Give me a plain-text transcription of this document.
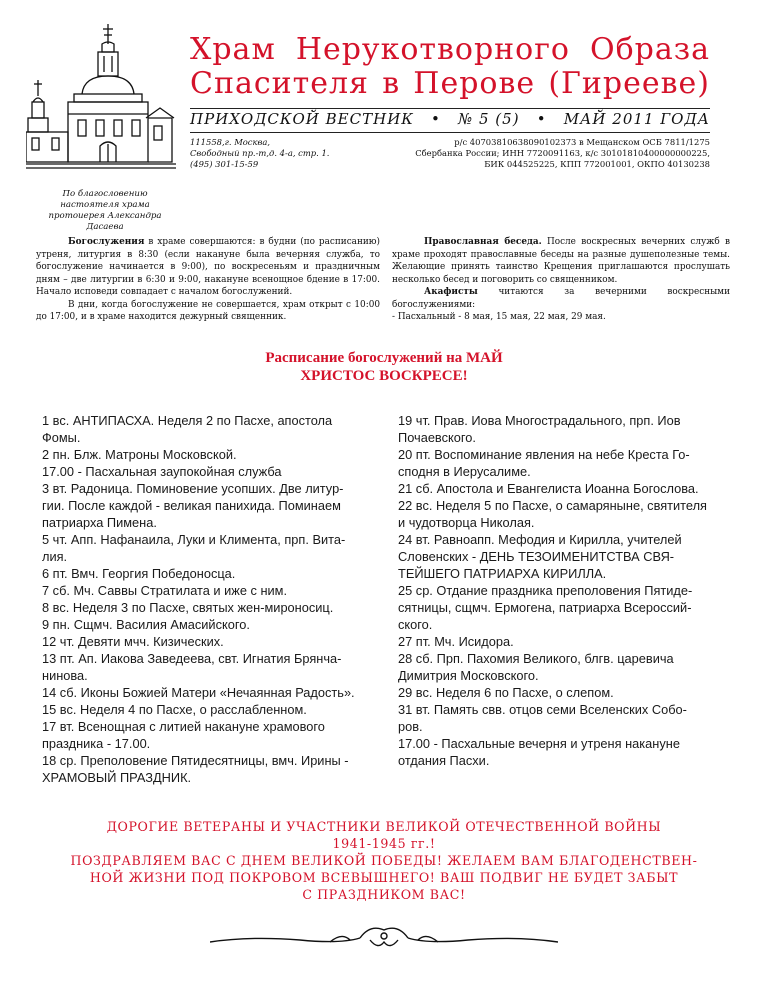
Храм Нерукотворного Образа
Спасителя в Перове (Гиреeве)
ПРИХОДСКОЙ ВЕСТНИК • № 5 (5) • МАЙ 2011 ГОДА
111558,г. Москва,
Свободный пр.-т,д. 4-а, стр. 1.
(495) 301-15-59
р/с 40703810638090102373 в Мещанском ОСБ 7811/1275
Сбербанка России; ИНН 7720091163, к/с 30101810400000000225,
БИК 044525225, КПП 772001001, ОКПО 40130238
По благословению
настоятеля храма
протоиерея Александра
Дасаева

Богослужения в храме совершаются: в будни (по расписанию) утреня, литургия в 8:30 (если накануне была вечерняя служба, то богослужение начинается в 9:00), по воскресеньям и праздничным дням – две литургии в 6:30 и 9:00, накануне всенощное бдение в 17:00. Начало исповеди совпадает с началом богослужений.

В дни, когда богослужение не совершается, храм открыт с 10:00 до 17:00, и в храме находится дежурный священник.

Православная беседа. После воскресных вечерних служб в храме проходят православные беседы на разные душеполезные темы. Желающие принять таинство Крещения приглашаются прослушать несколько бесед и поговорить со священником.

Акафисты читаются за вечерними воскресными богослужениями:

- Пасхальный - 8 мая, 15 мая, 22 мая, 29 мая.
Расписание богослужений на МАЙ
ХРИСТОС ВОСКРЕСЕ!
1 вс. АНТИПАСХА. Неделя 2 по Пасхе, апостола
Фомы.
2 пн. Блж. Матроны Московской.
17.00 - Пасхальная заупокойная служба
3 вт. Радоница. Поминовение усопших. Две литур-
гии. После каждой - великая панихида. Поминаем
патриарха Пимена.
5 чт. Апп. Нафанаила, Луки и Климента, прп. Вита-
лия.
6 пт. Вмч. Георгия Победоносца.
7 сб. Мч. Саввы Стратилата и иже с ним.
8 вс. Неделя 3 по Пасхе, святых жен-мироносиц.
9 пн. Сщмч. Василия Амасийского.
12 чт. Девяти мчч. Кизических.
13 пт. Ап. Иакова Заведеева, свт. Игнатия Брянча-
нинова.
14 сб. Иконы Божией Матери «Нечаянная Радость».
15 вс. Неделя 4 по Пасхе, о расслабленном.
17 вт. Всенощная с литией накануне храмового
праздника - 17.00.
18 ср. Преполовение Пятидесятницы, вмч. Ирины -
ХРАМОВЫЙ ПРАЗДНИК.
19 чт. Прав. Иова Многострадального, прп. Иов
Почаевского.
20 пт. Воспоминание явления на небе Креста Го-
сподня в Иерусалиме.
21 сб. Апостола и Евангелиста Иоанна Богослова.
22 вс. Неделя 5 по Пасхе, о самаряныне, святителя
и чудотворца Николая.
24 вт. Равноапп. Мефодия и Кирилла, учителей
Словенских - ДЕНЬ ТЕЗОИМЕНИТСТВА СВЯ-
ТЕЙШЕГО ПАТРИАРХА КИРИЛЛА.
25 ср. Отдание праздника преполовения Пятиде-
сятницы, сщмч. Ермогена, патриарха Всероссий-
ского.
27 пт. Мч. Исидора.
28 сб. Прп. Пахомия Великого, блгв. царевича
Димитрия Московского.
29 вс. Неделя 6 по Пасхе, о слепом.
31 вт. Память свв. отцов семи Вселенских Собо-
ров.
17.00 - Пасхальные вечерня и утреня накануне
отдания Пасхи.
ДОРОГИЕ ВЕТЕРАНЫ И УЧАСТНИКИ ВЕЛИКОЙ ОТЕЧЕСТВЕННОЙ ВОЙНЫ
1941-1945 гг.!
ПОЗДРАВЛЯЕМ ВАС С ДНЕМ ВЕЛИКОЙ ПОБЕДЫ! ЖЕЛАЕМ ВАМ БЛАГОДЕНСТВЕН-
НОЙ ЖИЗНИ ПОД ПОКРОВОМ ВСЕВЫШНЕГО! ВАШ ПОДВИГ НЕ БУДЕТ ЗАБЫТ
С ПРАЗДНИКОМ ВАС!
